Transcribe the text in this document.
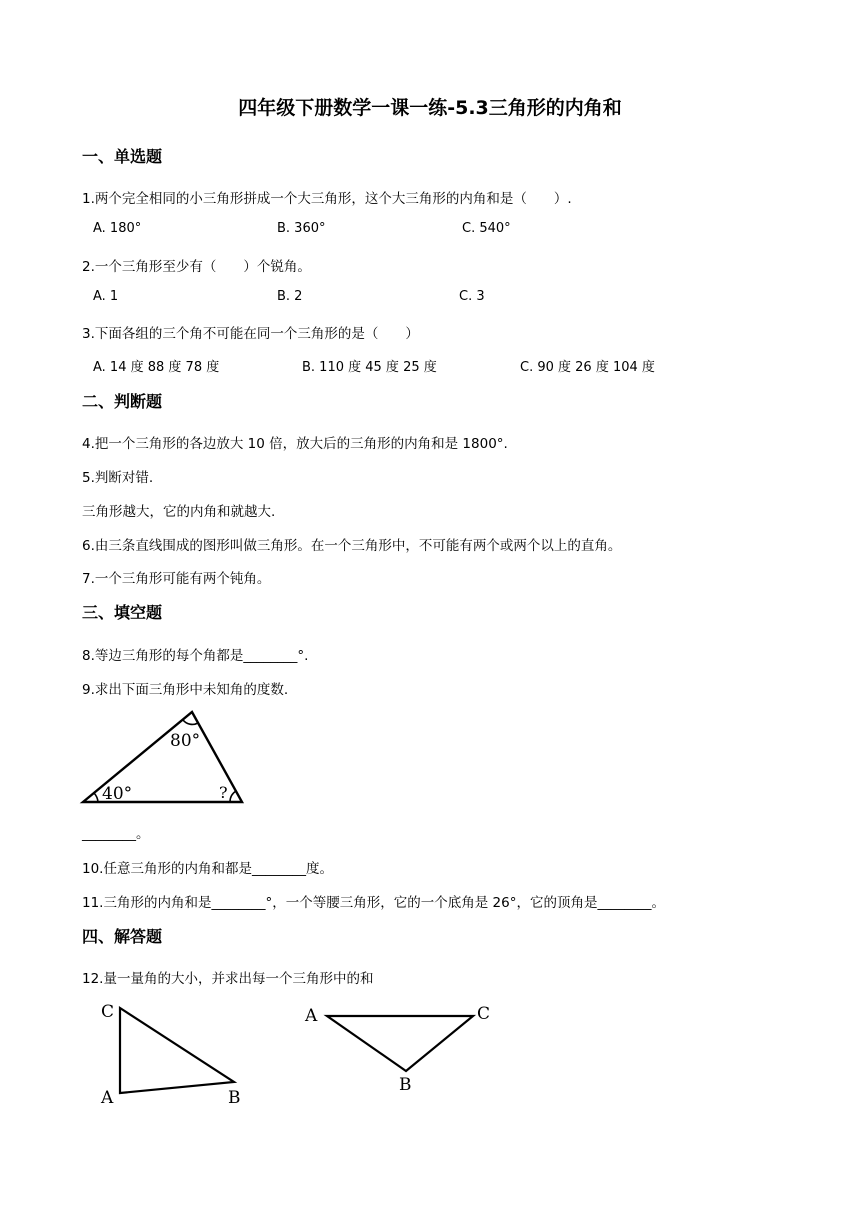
四年级下册数学一课一练-5.3三角形的内角和
一、单选题
1.两个完全相同的小三角形拼成一个大三角形，这个大三角形的内角和是（　　）.
A. 180°	B. 360°	C. 540°
2.一个三角形至少有（　　）个锐角。
A. 1	B. 2	C. 3
3.下面各组的三个角不可能在同一个三角形的是（　　）
A. 14 度 88 度 78 度	B. 110 度 45 度 25 度	C. 90 度 26 度 104 度
二、判断题
4.把一个三角形的各边放大 10 倍，放大后的三角形的内角和是 1800°.
5.判断对错.
三角形越大，它的内角和就越大.
6.由三条直线围成的图形叫做三角形。在一个三角形中，不可能有两个或两个以上的直角。
7.一个三角形可能有两个钝角。
三、填空题
8.等边三角形的每个角都是________°.
9.求出下面三角形中未知角的度数.
80°
40°	?
________。
10.任意三角形的内角和都是________度。
11.三角形的内角和是________°，一个等腰三角形，它的一个底角是 26°，它的顶角是________。
四、解答题
12.量一量角的大小，并求出每一个三角形中的和
C
A	B
A	C
B
